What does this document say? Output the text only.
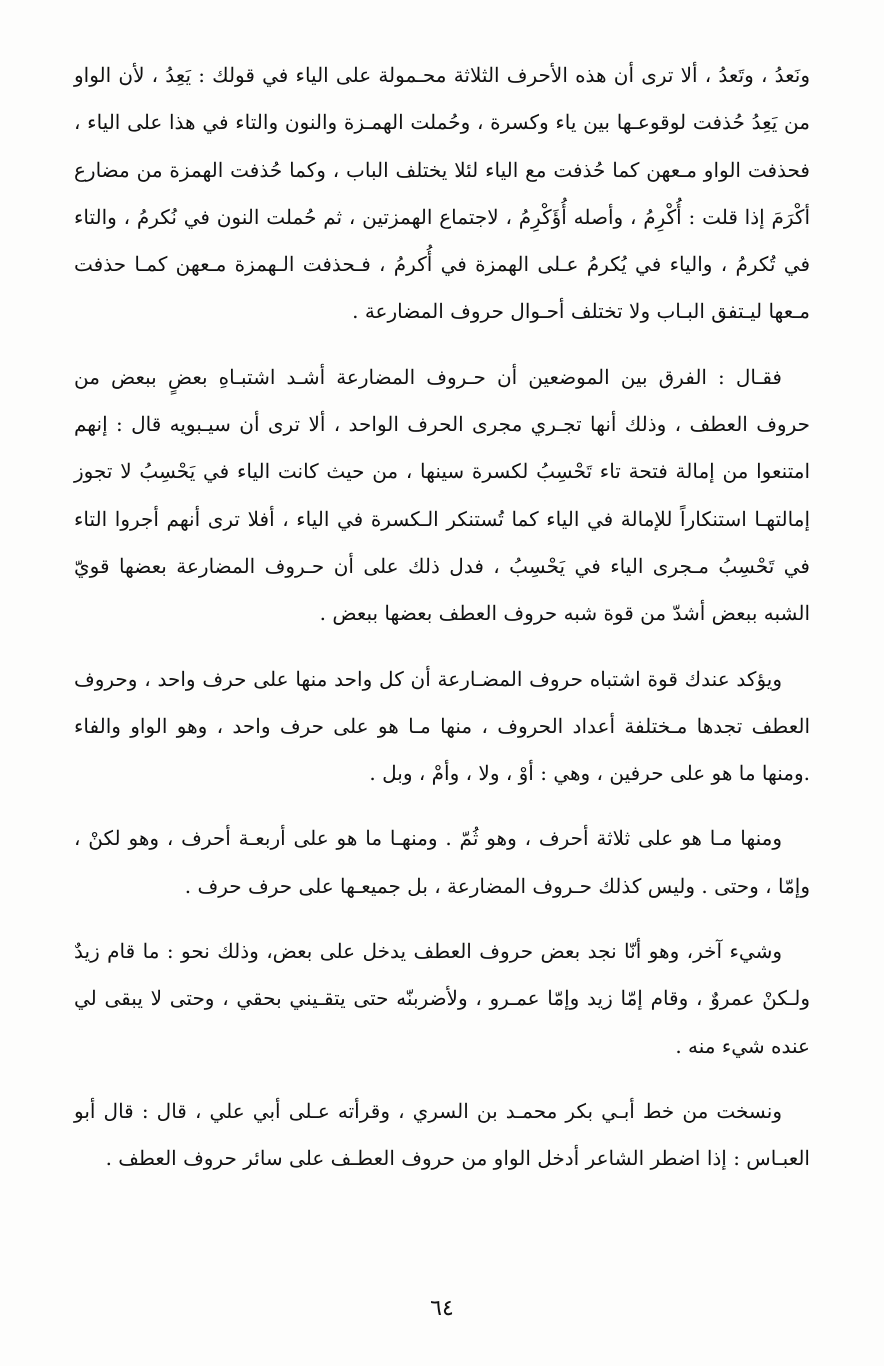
ونَعدُ ، وتَعدُ ، ألا ترى أن هذه الأحرف الثلاثة محـمولة على الياء في قولك : يَعِدُ ، لأن الواو من يَعِدُ حُذفت لوقوعـها بين ياء وكسرة ، وحُملت الهمـزة والنون والتاء في هذا على الياء ، فحذفت الواو مـعهن كما حُذفت مع الياء لئلا يختلف الباب ، وكما حُذفت الهمزة من مضارع أكْرَمَ إذا قلت : أُكْرِمُ ، وأصله أُؤَكْرِمُ ، لاجتماع الهمزتين ، ثم حُملت النون في نُكرمُ ، والتاء في تُكرمُ ، والياء في يُكرمُ عـلى الهمزة في أُكرمُ ، فـحذفت الـهمزة مـعهن كمـا حذفت مـعها ليـتفق البـاب ولا تختلف أحـوال حروف المضارعة .

فقـال : الفرق بين الموضعين أن حـروف المضارعة أشـد اشتبـاهِ بعضٍ ببعض من حروف العطف ، وذلك أنها تجـري مجرى الحرف الواحد ، ألا ترى أن سيـبويه قال : إنهم امتنعوا من إمالة فتحة تاء تَحْسِبُ لكسرة سينها ، من حيث كانت الياء في يَحْسِبُ لا تجوز إمالتهـا استنكاراً للإمالة في الياء كما تُستنكر الـكسرة في الياء ، أفلا ترى أنهم أجروا التاء في تَحْسِبُ مـجرى الياء في يَحْسِبُ ، فدل ذلك على أن حـروف المضارعة بعضها قويّ الشبه ببعض أشدّ من قوة شبه حروف العطف بعضها ببعض .

ويؤكد عندك قوة اشتباه حروف المضـارعة أن كل واحد منها على حرف واحد ، وحروف العطف تجدها مـختلفة أعداد الحروف ، منها مـا هو على حرف واحد ، وهو الواو والفاء .ومنها ما هو على حرفين ، وهي : أوْ ، ولا ، وأمْ ، وبل .

ومنها مـا هو على ثلاثة أحرف ، وهو ثُمّ . ومنهـا ما هو على أربعـة أحرف ، وهو لكنْ ، وإمّا ، وحتى . وليس كذلك حـروف المضارعة ، بل جميعـها على حرف حرف .

وشيء آخر، وهو أنّا نجد بعض حروف العطف يدخل على بعض، وذلك نحو : ما قام زيدٌ ولـكنْ عمروٌ ، وقام إمّا زيد وإمّا عمـرو ، ولأضربنّه حتى يتقـيني بحقي ، وحتى لا يبقى لي عنده شيء منه .

ونسخت من خط أبـي بكر محمـد بن السري ، وقرأته عـلى أبي علي ، قال : قال أبو العبـاس : إذا اضطر الشاعر أدخل الواو من حروف العطـف على سائر حروف العطف .

٦٤
